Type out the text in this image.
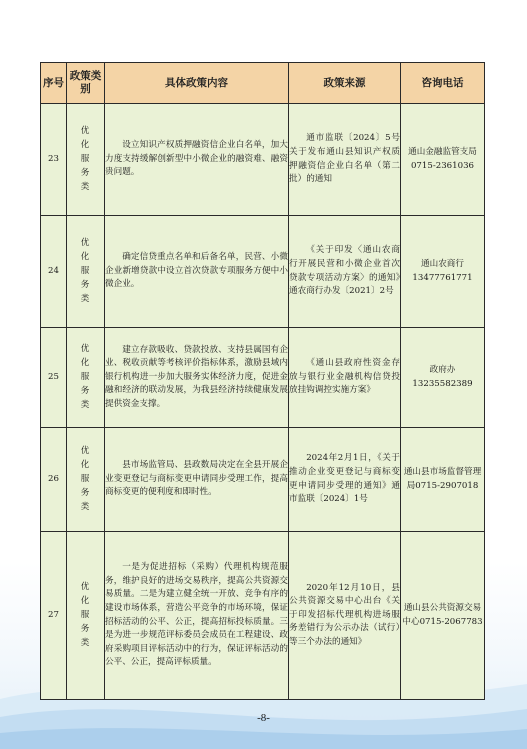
序号	政策类别	具体政策内容	政策来源	咨询电话
23	优化服务类	设立知识产权质押融资信企业白名单，加大力度支持缓解创新型中小微企业的融资难、融资贵问题。	通市监联〔2024〕5号关于发布通山县知识产权质押融资信企业白名单（第二批）的通知	通山金融监管支局0715-2361036
24	优化服务类	确定信贷重点名单和后备名单，民营、小微企业新增贷款中设立首次贷款专项服务方便中小微企业。	《关于印发〈通山农商行开展民营和小微企业首次贷款专项活动方案〉的通知》通农商行办发〔2021〕2号	通山农商行13477761771
25	优化服务类	建立存款吸收、贷款投放、支持县属国有企业、税收贡献等考核评价指标体系，激励县域内银行机构进一步加大服务实体经济力度，促进金融和经济的联动发展，为我县经济持续健康发展提供资金支撑。	《通山县政府性资金存放与银行业金融机构信贷投放挂钩调控实施方案》	政府办13235582389
26	优化服务类	县市场监管局、县政数局决定在全县开展企业变更登记与商标变更申请同步受理工作，提高商标变更的便利度和即时性。	2024年2月1日，《关于推动企业变更登记与商标变更申请同步受理的通知》通市监联〔2024〕1号	通山县市场监督管理局0715-2907018
27	优化服务类	一是为促进招标（采购）代理机构规范服务，维护良好的进场交易秩序，提高公共资源交易质量。二是为建立健全统一开放、竞争有序的建设市场体系，营造公平竞争的市场环境，保证招标活动的公平、公正，提高招标投标质量。三是为进一步规范评标委员会成员在工程建设、政府采购项目评标活动中的行为，保证评标活动的公平、公正，提高评标质量。	2020年12月10日，县公共资源交易中心出台《关于印发招标代理机构进场服务差错行为公示办法（试行）等三个办法的通知》	通山县公共资源交易中心0715-2067783
-8-
